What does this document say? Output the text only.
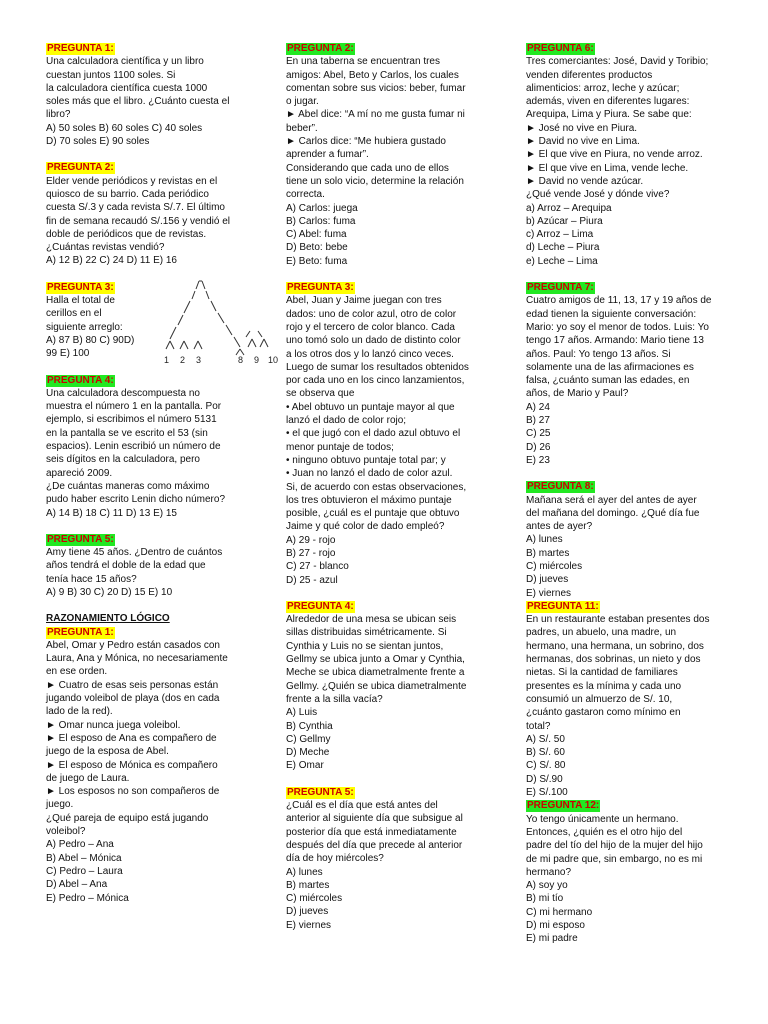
PREGUNTA 1:
Una calculadora científica y un libro
cuestan juntos 1100 soles. Si
la calculadora científica cuesta 1000
soles más que el libro. ¿Cuánto cuesta el
libro?
A) 50 soles B) 60 soles C) 40 soles
D) 70 soles E) 90 soles
PREGUNTA 2:
Elder vende periódicos y revistas en el
quiosco de su barrio. Cada periódico
cuesta S/.3 y cada revista S/.7. El último
fin de semana recaudó S/.156 y vendió el
doble de periódicos que de revistas.
¿Cuántas revistas vendió?
A) 12 B) 22 C) 24 D) 11 E) 16
PREGUNTA 3:
Halla el total de
cerillos en el
siguiente arreglo:
A) 87 B) 80 C) 90D)
99 E) 100
1 2 3	8 9 10
PREGUNTA 4:
Una calculadora descompuesta no
muestra el número 1 en la pantalla. Por
ejemplo, si escribimos el número 5131
en la pantalla se ve escrito el 53 (sin
espacios). Lenin escribió un número de
seis dígitos en la calculadora, pero
apareció 2009.
¿De cuántas maneras como máximo
pudo haber escrito Lenin dicho número?
A) 14 B) 18 C) 11 D) 13 E) 15
PREGUNTA 5:
Amy tiene 45 años. ¿Dentro de cuántos
años tendrá el doble de la edad que
tenía hace 15 años?
A) 9 B) 30 C) 20 D) 15 E) 10

RAZONAMIENTO LÓGICO

PREGUNTA 1:
Abel, Omar y Pedro están casados con
Laura, Ana y Mónica, no necesariamente
en ese orden.
► Cuatro de esas seis personas están
jugando voleibol de playa (dos en cada
lado de la red).
► Omar nunca juega voleibol.
► El esposo de Ana es compañero de
juego de la esposa de Abel.
► El esposo de Mónica es compañero
de juego de Laura.
► Los esposos no son compañeros de
juego.
¿Qué pareja de equipo está jugando
voleibol?
A) Pedro – Ana
B) Abel – Mónica
C) Pedro – Laura
D) Abel – Ana
E) Pedro – Mónica
PREGUNTA 2:
En una taberna se encuentran tres
amigos: Abel, Beto y Carlos, los cuales
comentan sobre sus vicios: beber, fumar
o jugar.
► Abel dice: “A mí no me gusta fumar ni
beber”.
► Carlos dice: “Me hubiera gustado
aprender a fumar”.
Considerando que cada uno de ellos
tiene un solo vicio, determine la relación
correcta.
A) Carlos: juega
B) Carlos: fuma
C) Abel: fuma
D) Beto: bebe
E) Beto: fuma
PREGUNTA 3:
Abel, Juan y Jaime juegan con tres
dados: uno de color azul, otro de color
rojo y el tercero de color blanco. Cada
uno tomó solo un dado de distinto color
a los otros dos y lo lanzó cinco veces.
Luego de sumar los resultados obtenidos
por cada uno en los cinco lanzamientos,
se observa que
• Abel obtuvo un puntaje mayor al que
lanzó el dado de color rojo;
• el que jugó con el dado azul obtuvo el
menor puntaje de todos;
• ninguno obtuvo puntaje total par; y
• Juan no lanzó el dado de color azul.
Si, de acuerdo con estas observaciones,
los tres obtuvieron el máximo puntaje
posible, ¿cuál es el puntaje que obtuvo
Jaime y qué color de dado empleó?
A) 29 - rojo
B) 27 - rojo
C) 27 - blanco
D) 25 - azul
PREGUNTA 4:
Alrededor de una mesa se ubican seis
sillas distribuidas simétricamente. Si
Cynthia y Luis no se sientan juntos,
Gellmy se ubica junto a Omar y Cynthia,
Meche se ubica diametralmente frente a
Gellmy. ¿Quién se ubica diametralmente
frente a la silla vacía?
A) Luis
B) Cynthia
C) Gellmy
D) Meche
E) Omar
PREGUNTA 5:
¿Cuál es el día que está antes del
anterior al siguiente día que subsigue al
posterior día que está inmediatamente
después del día que precede al anterior
día de hoy miércoles?
A) lunes
B) martes
C) miércoles
D) jueves
E) viernes
PREGUNTA 6:
Tres comerciantes: José, David y Toribio;
venden diferentes productos
alimenticios: arroz, leche y azúcar;
además, viven en diferentes lugares:
Arequipa, Lima y Piura. Se sabe que:
► José no vive en Piura.
► David no vive en Lima.
► El que vive en Piura, no vende arroz.
► El que vive en Lima, vende leche.
► David no vende azúcar.
¿Qué vende José y dónde vive?
a) Arroz – Arequipa
b) Azúcar – Piura
c) Arroz – Lima
d) Leche – Piura
e) Leche – Lima
PREGUNTA 7:
Cuatro amigos de 11, 13, 17 y 19 años de
edad tienen la siguiente conversación:
Mario: yo soy el menor de todos. Luis: Yo
tengo 17 años. Armando: Mario tiene 13
años. Paul: Yo tengo 13 años. Si
solamente una de las afirmaciones es
falsa, ¿cuánto suman las edades, en
años, de Mario y Paul?
A) 24
B) 27
C) 25
D) 26
E) 23
PREGUNTA 8:
Mañana será el ayer del antes de ayer
del mañana del domingo. ¿Qué día fue
antes de ayer?
A) lunes
B) martes
C) miércoles
D) jueves
E) viernes
PREGUNTA 11:
En un restaurante estaban presentes dos
padres, un abuelo, una madre, un
hermano, una hermana, un sobrino, dos
hermanas, dos sobrinas, un nieto y dos
nietas. Si la cantidad de familiares
presentes es la mínima y cada uno
consumió un almuerzo de S/. 10,
¿cuánto gastaron como mínimo en
total?
A) S/. 50
B) S/. 60
C) S/. 80
D) S/.90
E) S/.100
PREGUNTA 12:
Yo tengo únicamente un hermano.
Entonces, ¿quién es el otro hijo del
padre del tío del hijo de la mujer del hijo
de mi padre que, sin embargo, no es mi
hermano?
A) soy yo
B) mi tío
C) mi hermano
D) mi esposo
E) mi padre
